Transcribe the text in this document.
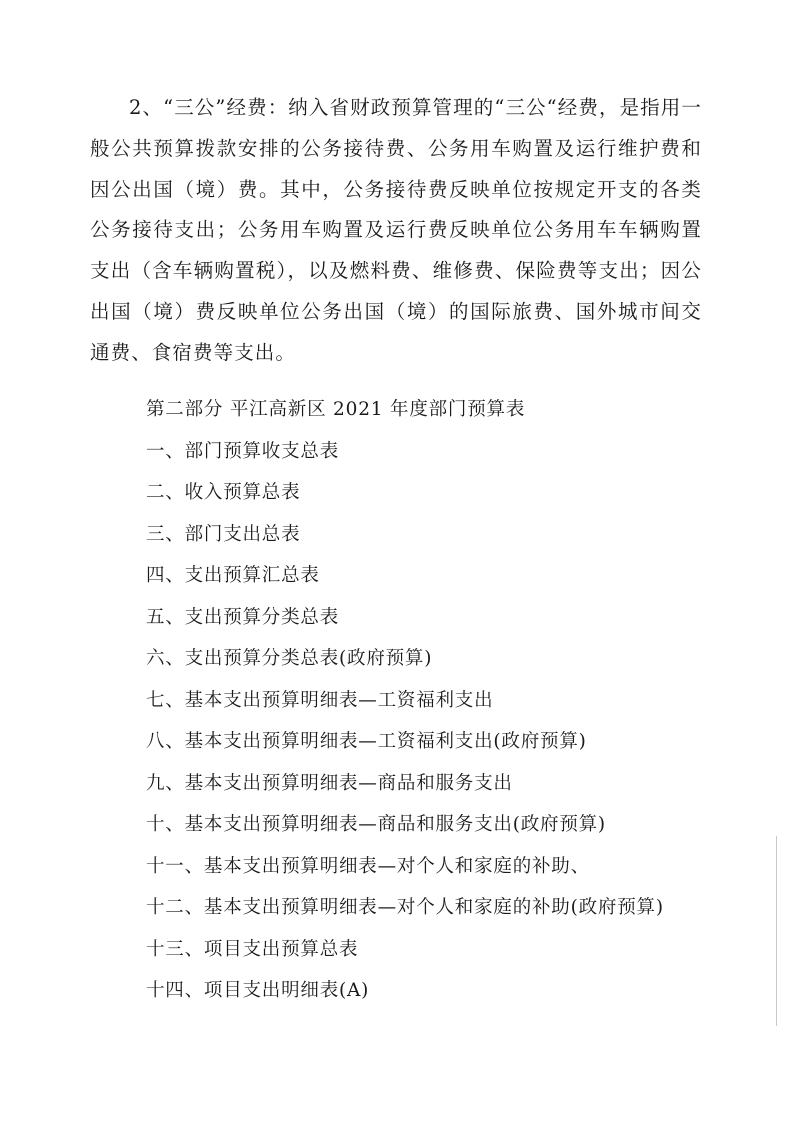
2、“三公”经费：纳入省财政预算管理的“三公“经费，是指用一般公共预算拨款安排的公务接待费、公务用车购置及运行维护费和因公出国（境）费。其中，公务接待费反映单位按规定开支的各类公务接待支出；公务用车购置及运行费反映单位公务用车车辆购置支出（含车辆购置税），以及燃料费、维修费、保险费等支出；因公出国（境）费反映单位公务出国（境）的国际旅费、国外城市间交通费、食宿费等支出。

第二部分 平江高新区 2021 年度部门预算表
一、部门预算收支总表
二、收入预算总表
三、部门支出总表
四、支出预算汇总表
五、支出预算分类总表
六、支出预算分类总表(政府预算)
七、基本支出预算明细表—工资福利支出
八、基本支出预算明细表—工资福利支出(政府预算)
九、基本支出预算明细表—商品和服务支出
十、基本支出预算明细表—商品和服务支出(政府预算)
十一、基本支出预算明细表—对个人和家庭的补助、
十二、基本支出预算明细表—对个人和家庭的补助(政府预算)
十三、项目支出预算总表
十四、项目支出明细表(A)
